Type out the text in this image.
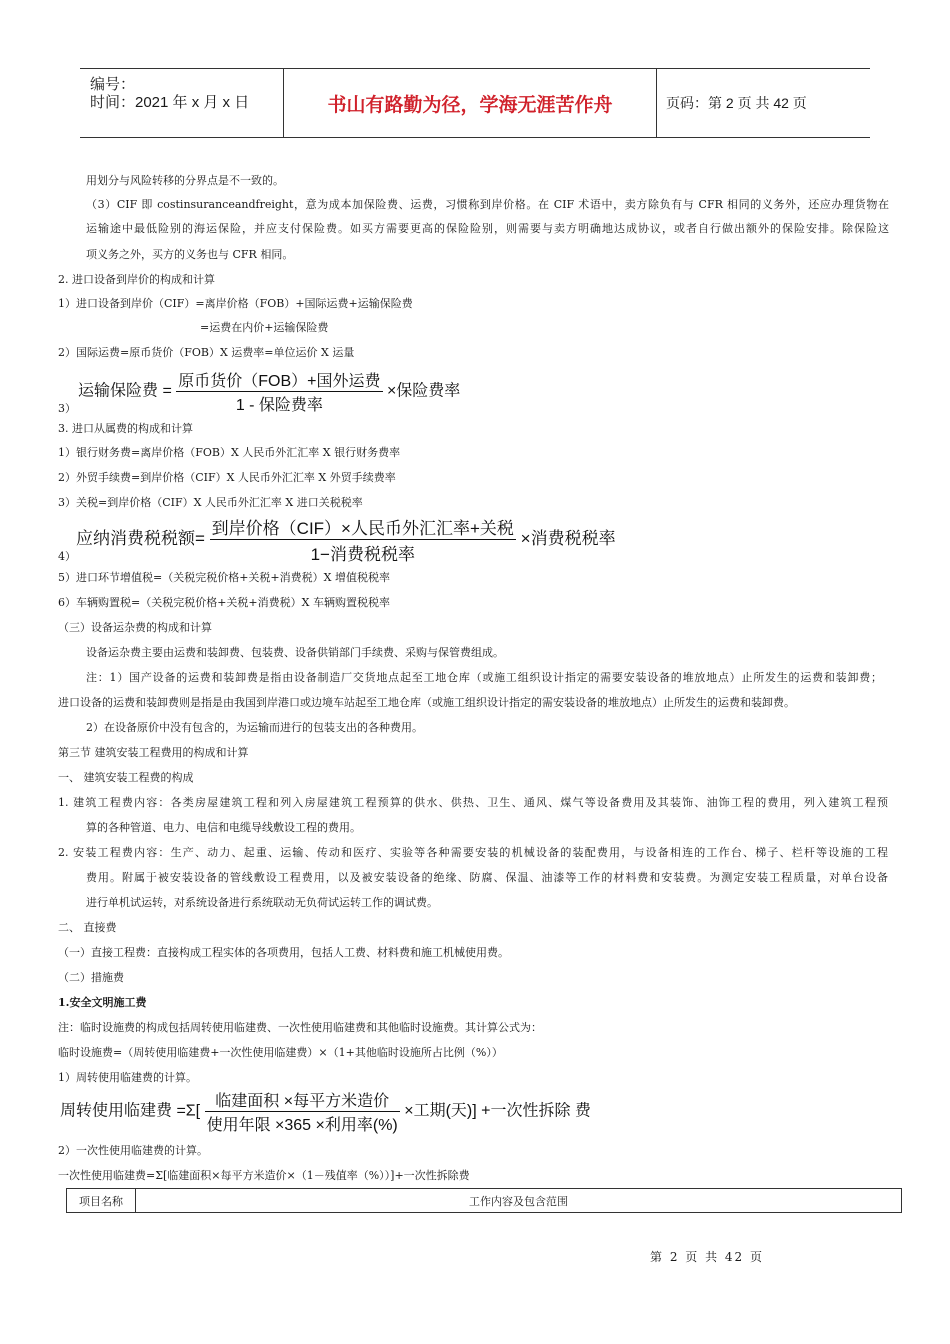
编号：
时间：2021 年 x 月 x 日	书山有路勤为径，学海无涯苦作舟	页码：第 2 页 共 42 页
用划分与风险转移的分界点是不一致的。
（3）CIF 即 costinsuranceandfreight，意为成本加保险费、运费，习惯称到岸价格。在 CIF 术语中，卖方除负有与 CFR 相同的义务外，还应办理货物在
运输途中最低险别的海运保险，并应支付保险费。如买方需要更高的保险险别，则需要与卖方明确地达成协议，或者自行做出额外的保险安排。除保险这
项义务之外，买方的义务也与 CFR 相同。
2. 进口设备到岸价的构成和计算
1）进口设备到岸价（CIF）=离岸价格（FOB）+国际运费+运输保险费
=运费在内价+运输保险费
2）国际运费=原币货价（FOB）X 运费率=单位运价 X 运量
运输保险费 = $\frac{\text{原币货价（FOB）+国外运费}}{\text{1 - 保险费率}}$ ×保险费率
3）
3. 进口从属费的构成和计算
1）银行财务费=离岸价格（FOB）X 人民币外汇汇率 X 银行财务费率
2）外贸手续费=到岸价格（CIF）X 人民币外汇汇率 X 外贸手续费率
3）关税=到岸价格（CIF）X 人民币外汇汇率 X 进口关税税率
应纳消费税税额= $\frac{\text{到岸价格（CIF）×人民币外汇汇率+关税}}{\text{1−消费税税率}}$ ×消费税税率
4）
5）进口环节增值税=（关税完税价格+关税+消费税）X 增值税税率
6）车辆购置税=（关税完税价格+关税+消费税）X 车辆购置税税率
（三）设备运杂费的构成和计算
设备运杂费主要由运费和装卸费、包装费、设备供销部门手续费、采购与保管费组成。
注：1）国产设备的运费和装卸费是指由设备制造厂交货地点起至工地仓库（或施工组织设计指定的需要安装设备的堆放地点）止所发生的运费和装卸费；
进口设备的运费和装卸费则是指是由我国到岸港口或边境车站起至工地仓库（或施工组织设计指定的需安装设备的堆放地点）止所发生的运费和装卸费。
2）在设备原价中没有包含的，为运输而进行的包装支出的各种费用。
第三节 建筑安装工程费用的构成和计算
一、 建筑安装工程费的构成
1. 建筑工程费内容：各类房屋建筑工程和列入房屋建筑工程预算的供水、供热、卫生、通风、煤气等设备费用及其装饰、油饰工程的费用，列入建筑工程预
算的各种管道、电力、电信和电缆导线敷设工程的费用。
2. 安装工程费内容：生产、动力、起重、运输、传动和医疗、实验等各种需要安装的机械设备的装配费用，与设备相连的工作台、梯子、栏杆等设施的工程
费用。附属于被安装设备的管线敷设工程费用，以及被安装设备的绝缘、防腐、保温、油漆等工作的材料费和安装费。为测定安装工程质量，对单台设备
进行单机试运转，对系统设备进行系统联动无负荷试运转工作的调试费。
二、 直接费
（一）直接工程费：直接构成工程实体的各项费用，包括人工费、材料费和施工机械使用费。
（二）措施费
1.安全文明施工费
注：临时设施费的构成包括周转使用临建费、一次性使用临建费和其他临时设施费。其计算公式为：
临时设施费=（周转使用临建费+一次性使用临建费）×（1+其他临时设施所占比例（%））
1）周转使用临建费的计算。
周转使用临建费 $=\Sigma[ \frac{\text{临建面积 ×每平方米造价}}{\text{使用年限 ×365 ×利用率(\%)}}$ ×工期(天)] +一次性拆除 费
2）一次性使用临建费的计算。
一次性使用临建费=Σ[临建面积×每平方米造价×（1－残值率（%））]+一次性拆除费
项目名称	工作内容及包含范围
第 2 页 共 42 页
